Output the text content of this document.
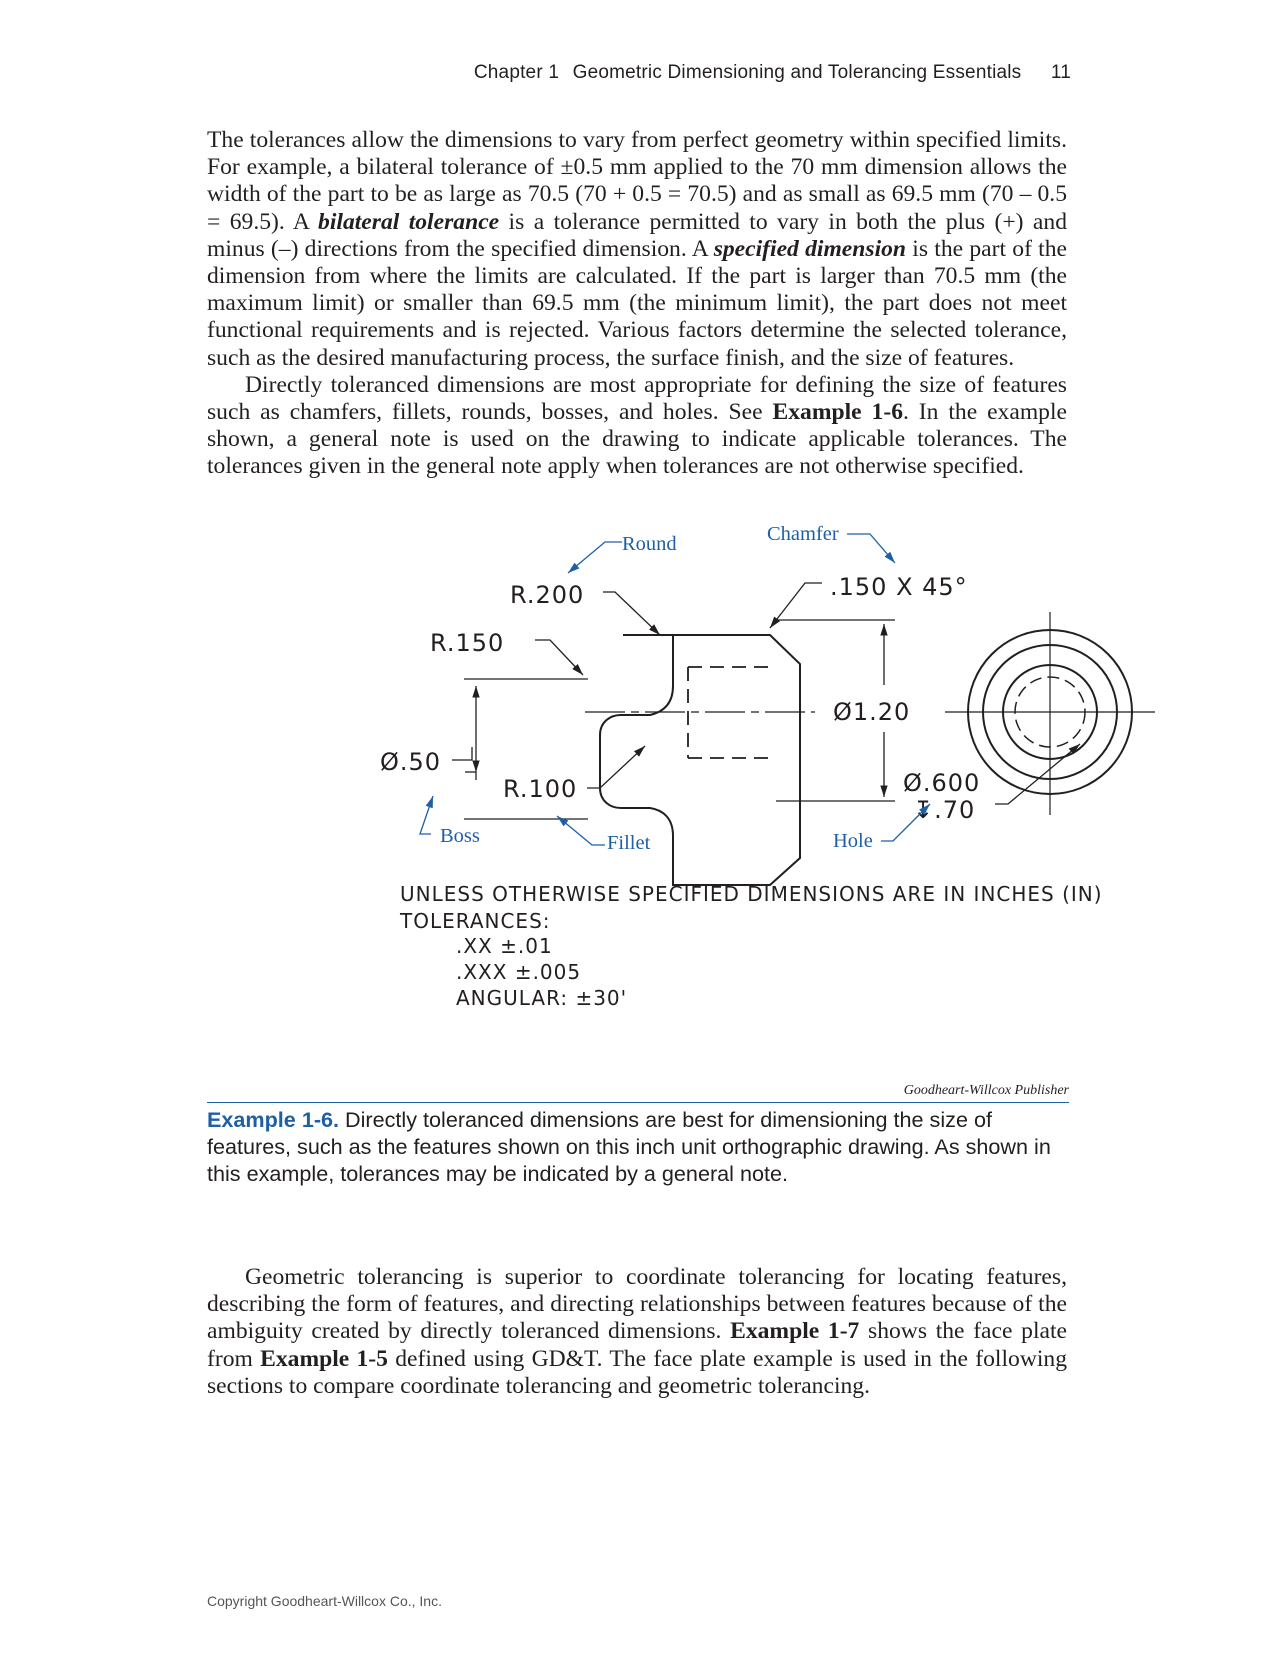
Chapter 1 Geometric Dimensioning and Tolerancing Essentials 11

The tolerances allow the dimensions to vary from perfect geometry within specified limits. For example, a bilateral tolerance of ±0.5 mm applied to the 70 mm dimension allows the width of the part to be as large as 70.5 (70 + 0.5 = 70.5) and as small as 69.5 mm (70 – 0.5 = 69.5). A bilateral tolerance is a tolerance permitted to vary in both the plus (+) and minus (–) directions from the specified dimension. A specified dimension is the part of the dimension from where the limits are calculated. If the part is larger than 70.5 mm (the maximum limit) or smaller than 69.5 mm (the minimum limit), the part does not meet functional requirements and is rejected. Various factors determine the selected tolerance, such as the desired manufacturing process, the surface finish, and the size of features.

Directly toleranced dimensions are most appropriate for defining the size of features such as chamfers, fillets, rounds, bosses, and holes. See Example 1-6. In the example shown, a general note is used on the drawing to indicate applicable tolerances. The tolerances given in the general note apply when tolerances are not otherwise specified.

R.200
R.150
Ø.50
R.100
.150 X 45°
Ø1.20
Ø.600
↧.70
Round	Chamfer
Boss	Fillet	Hole
UNLESS OTHERWISE SPECIFIED DIMENSIONS ARE IN INCHES (IN)
TOLERANCES:
.XX ±.01
.XXX ±.005
ANGULAR: ±30'
Goodheart-Willcox Publisher

Example 1-6. Directly toleranced dimensions are best for dimensioning the size of features, such as the features shown on this inch unit orthographic drawing. As shown in this example, tolerances may be indicated by a general note.

Geometric tolerancing is superior to coordinate tolerancing for locating features, describing the form of features, and directing relationships between features because of the ambiguity created by directly toleranced dimensions. Example 1-7 shows the face plate from Example 1-5 defined using GD&T. The face plate example is used in the following sections to compare coordinate tolerancing and geometric tolerancing.

Copyright Goodheart-Willcox Co., Inc.
